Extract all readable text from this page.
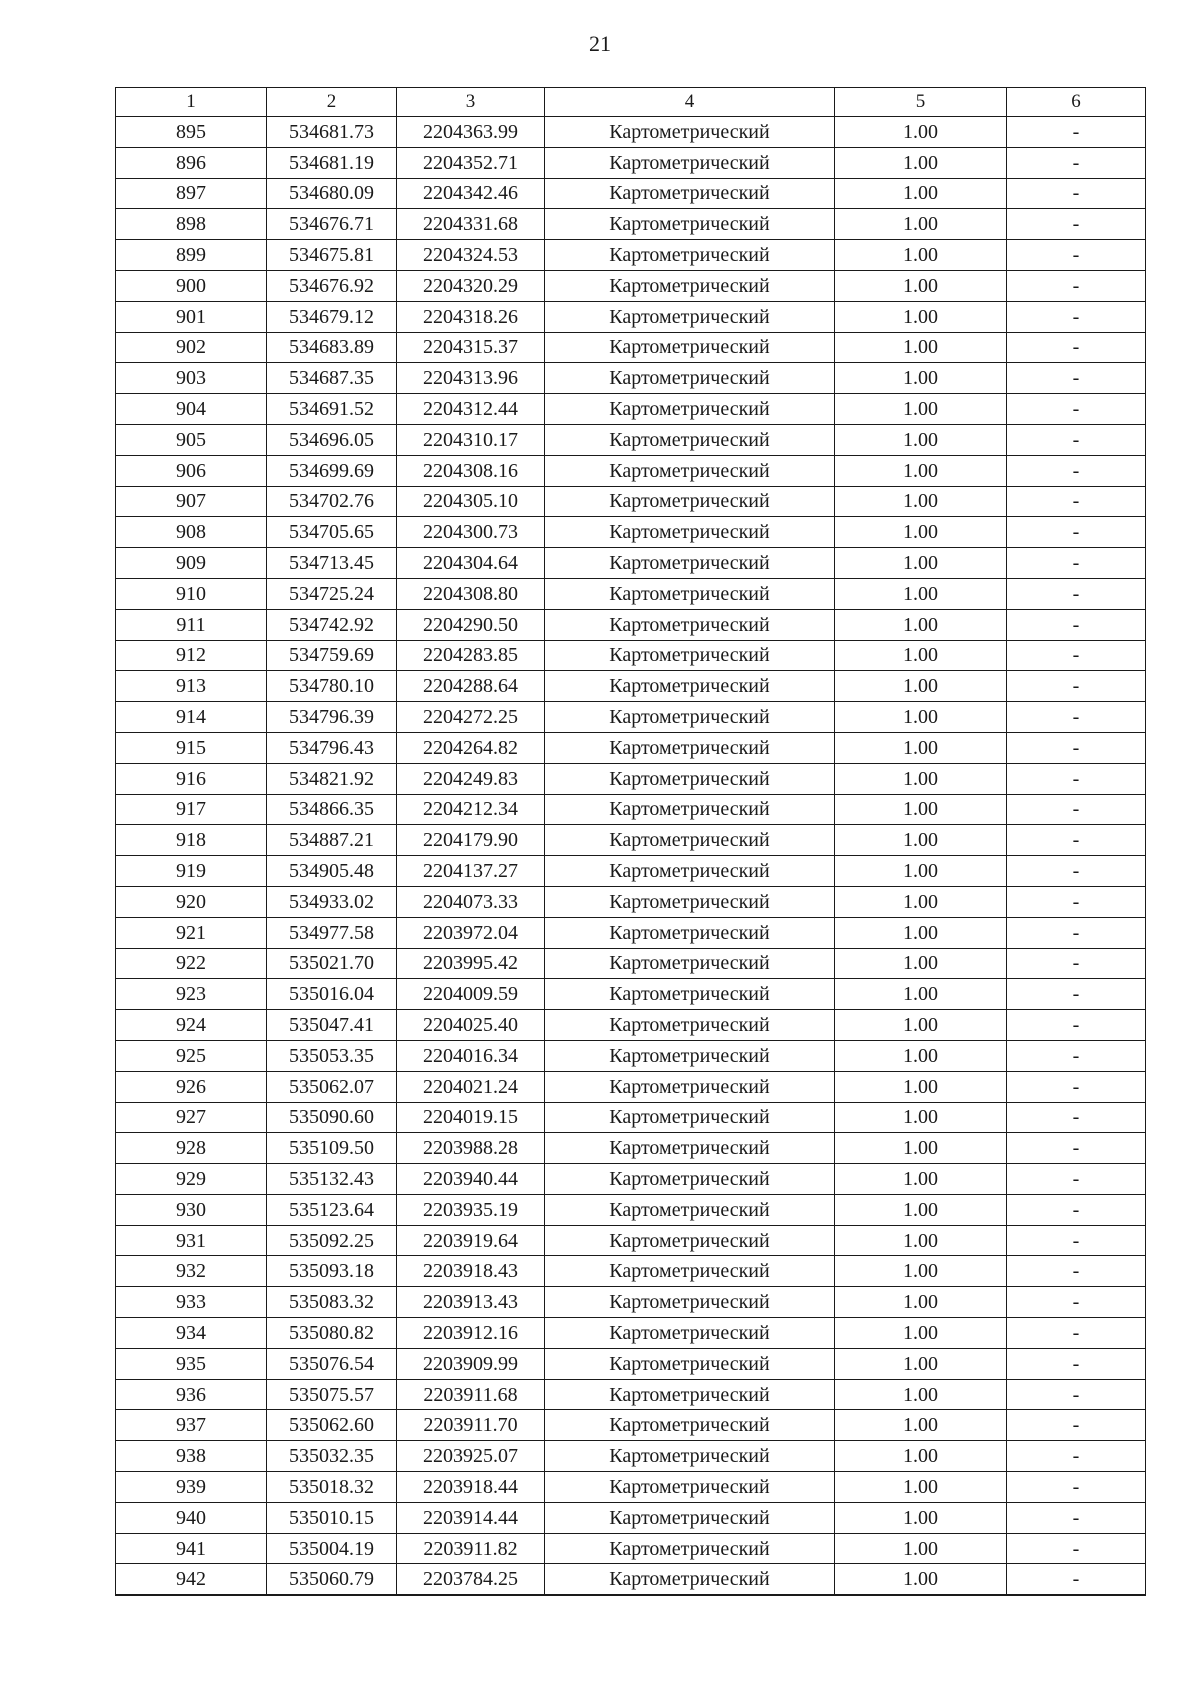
21
1	2	3	4	5	6
895	534681.73	2204363.99	Картометрический	1.00	-
896	534681.19	2204352.71	Картометрический	1.00	-
897	534680.09	2204342.46	Картометрический	1.00	-
898	534676.71	2204331.68	Картометрический	1.00	-
899	534675.81	2204324.53	Картометрический	1.00	-
900	534676.92	2204320.29	Картометрический	1.00	-
901	534679.12	2204318.26	Картометрический	1.00	-
902	534683.89	2204315.37	Картометрический	1.00	-
903	534687.35	2204313.96	Картометрический	1.00	-
904	534691.52	2204312.44	Картометрический	1.00	-
905	534696.05	2204310.17	Картометрический	1.00	-
906	534699.69	2204308.16	Картометрический	1.00	-
907	534702.76	2204305.10	Картометрический	1.00	-
908	534705.65	2204300.73	Картометрический	1.00	-
909	534713.45	2204304.64	Картометрический	1.00	-
910	534725.24	2204308.80	Картометрический	1.00	-
911	534742.92	2204290.50	Картометрический	1.00	-
912	534759.69	2204283.85	Картометрический	1.00	-
913	534780.10	2204288.64	Картометрический	1.00	-
914	534796.39	2204272.25	Картометрический	1.00	-
915	534796.43	2204264.82	Картометрический	1.00	-
916	534821.92	2204249.83	Картометрический	1.00	-
917	534866.35	2204212.34	Картометрический	1.00	-
918	534887.21	2204179.90	Картометрический	1.00	-
919	534905.48	2204137.27	Картометрический	1.00	-
920	534933.02	2204073.33	Картометрический	1.00	-
921	534977.58	2203972.04	Картометрический	1.00	-
922	535021.70	2203995.42	Картометрический	1.00	-
923	535016.04	2204009.59	Картометрический	1.00	-
924	535047.41	2204025.40	Картометрический	1.00	-
925	535053.35	2204016.34	Картометрический	1.00	-
926	535062.07	2204021.24	Картометрический	1.00	-
927	535090.60	2204019.15	Картометрический	1.00	-
928	535109.50	2203988.28	Картометрический	1.00	-
929	535132.43	2203940.44	Картометрический	1.00	-
930	535123.64	2203935.19	Картометрический	1.00	-
931	535092.25	2203919.64	Картометрический	1.00	-
932	535093.18	2203918.43	Картометрический	1.00	-
933	535083.32	2203913.43	Картометрический	1.00	-
934	535080.82	2203912.16	Картометрический	1.00	-
935	535076.54	2203909.99	Картометрический	1.00	-
936	535075.57	2203911.68	Картометрический	1.00	-
937	535062.60	2203911.70	Картометрический	1.00	-
938	535032.35	2203925.07	Картометрический	1.00	-
939	535018.32	2203918.44	Картометрический	1.00	-
940	535010.15	2203914.44	Картометрический	1.00	-
941	535004.19	2203911.82	Картометрический	1.00	-
942	535060.79	2203784.25	Картометрический	1.00	-
